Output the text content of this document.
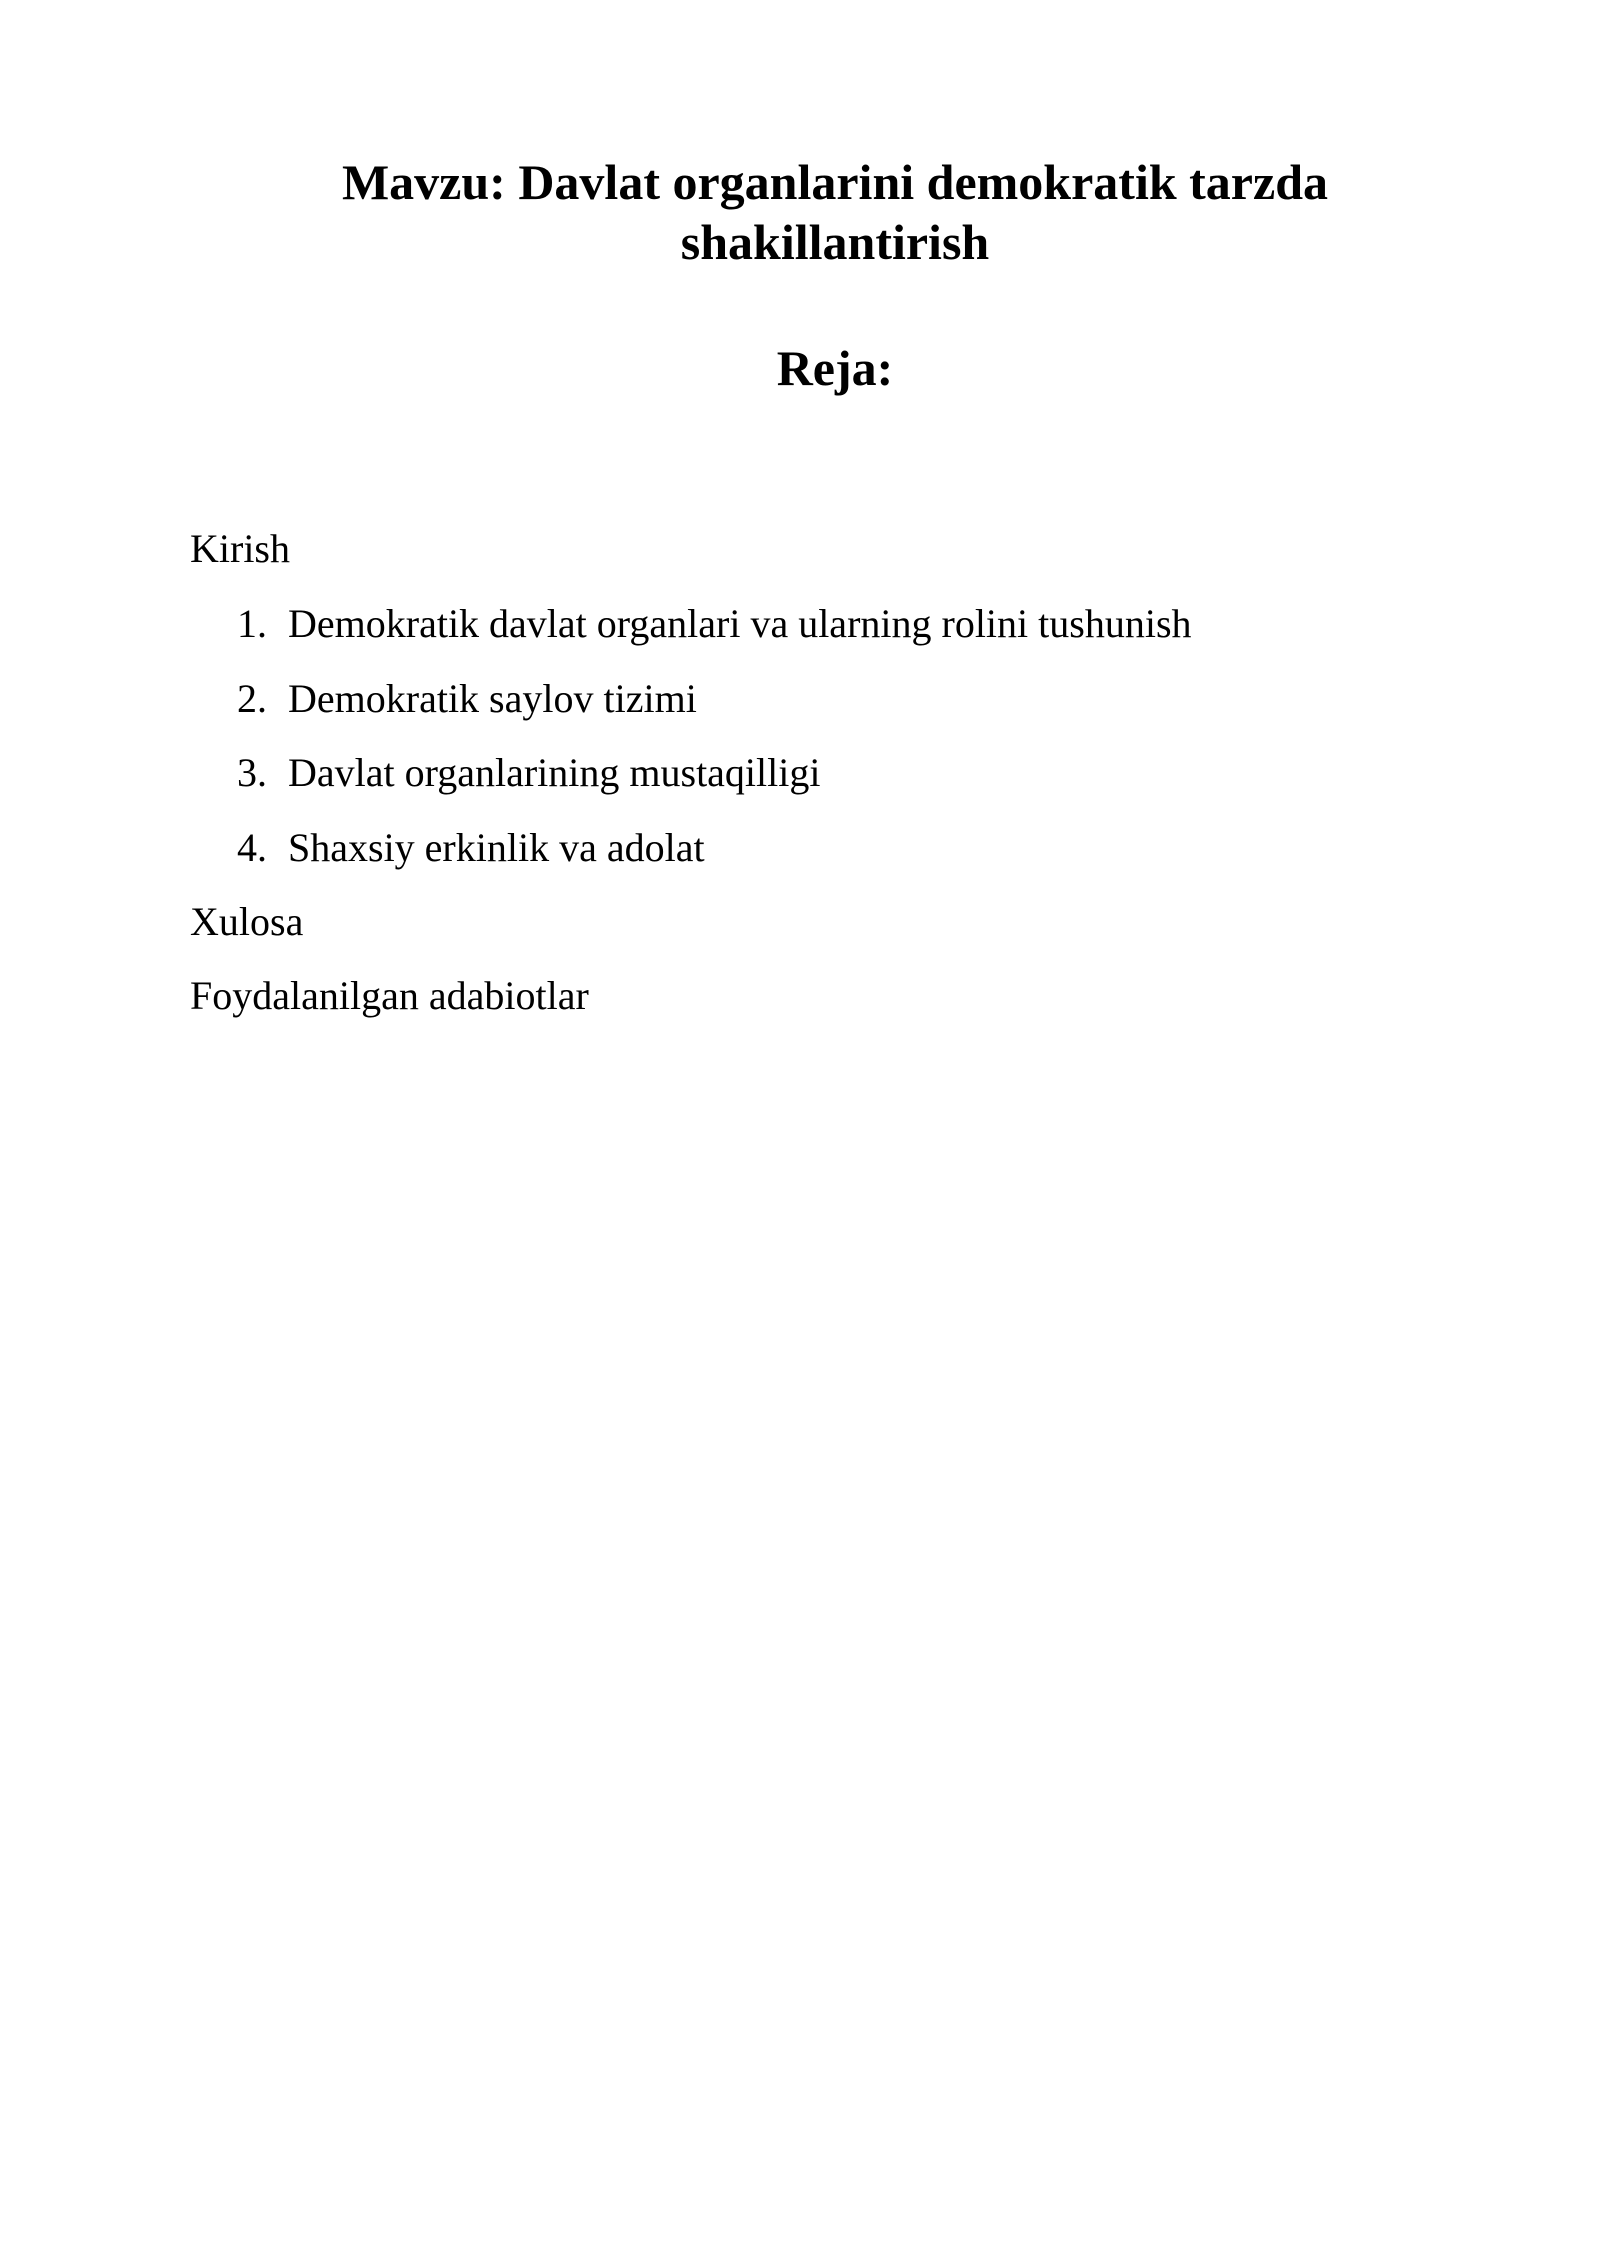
Mavzu: Davlat organlarini demokratik tarzda shakillantirish
Reja:

Kirish

1. Demokratik davlat organlari va ularning rolini tushunish
2. Demokratik saylov tizimi
3. Davlat organlarining mustaqilligi
4. Shaxsiy erkinlik va adolat

Xulosa

Foydalanilgan adabiotlar
